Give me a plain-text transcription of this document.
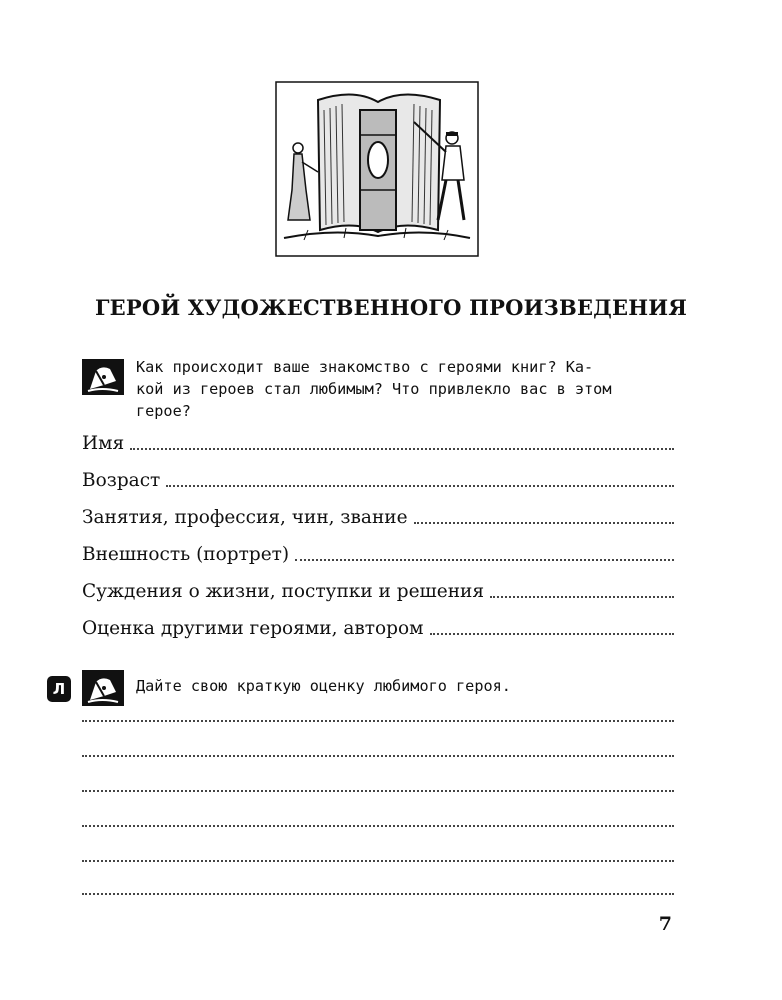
ГЕРОЙ ХУДОЖЕСТВЕННОГО ПРОИЗВЕДЕНИЯ
Как происходит ваше знакомство с героями книг? Ка-
кой из героев стал любимым? Что привлекло вас в этом
герое?
Имя
Возраст
Занятия, профессия, чин, звание
Внешность (портрет)
Суждения о жизни, поступки и решения
Оценка другими героями, автором
Л	Дайте свою краткую оценку любимого героя.
7
